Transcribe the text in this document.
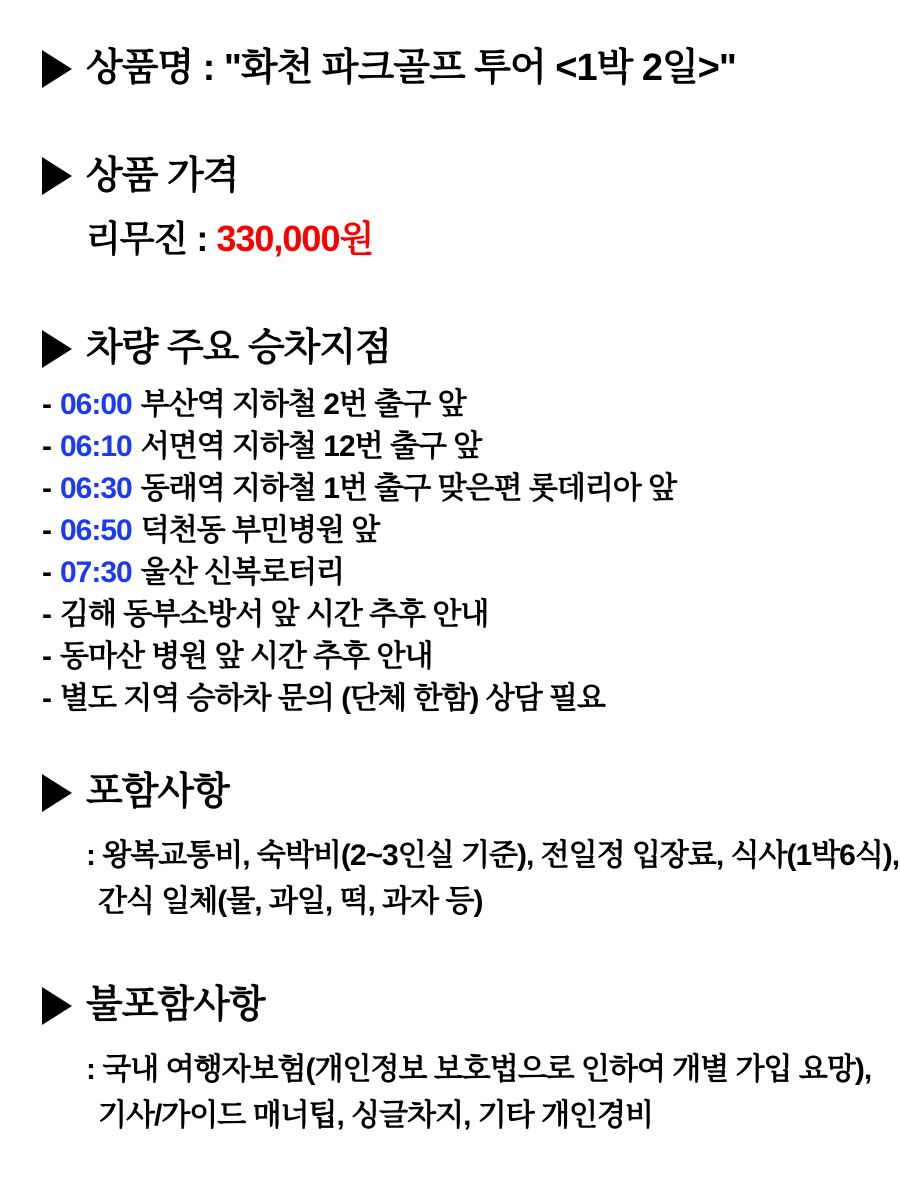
상품명 : "화천 파크골프 투어 <1박 2일>"
상품 가격
리무진 : 330,000원
차량 주요 승차지점
- 06:00 부산역 지하철 2번 출구 앞
- 06:10 서면역 지하철 12번 출구 앞
- 06:30 동래역 지하철 1번 출구 맞은편 롯데리아 앞
- 06:50 덕천동 부민병원 앞
- 07:30 울산 신복로터리
- 김해 동부소방서 앞 시간 추후 안내
- 동마산 병원 앞 시간 추후 안내
- 별도 지역 승하차 문의 (단체 한함) 상담 필요
포함사항
: 왕복교통비, 숙박비(2~3인실 기준), 전일정 입장료, 식사(1박6식),
간식 일체(물, 과일, 떡, 과자 등)
불포함사항
: 국내 여행자보험(개인정보 보호법으로 인하여 개별 가입 요망),
기사/가이드 매너팁, 싱글차지, 기타 개인경비
